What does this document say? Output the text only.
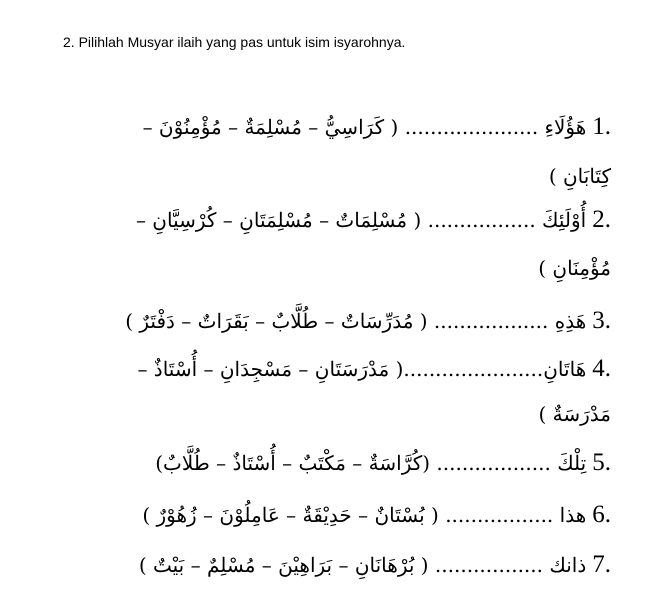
2. Pilihlah Musyar ilaih yang pas untuk isim isyarohnya.
1.
هَؤُلَاءِ ..................... ( كَرَاسِيُّ – مُسْلِمَةٌ – مُؤْمِنُوْنَ –
كِتَابَانِ )
2.
أُوْلَئِكَ ................. ( مُسْلِمَاتٌ – مُسْلِمَتَانِ – كُرْسِيَّانِ –
مُؤْمِنَانِ )
3.
هَذِهِ .................. ( مُدَرِّسَاتٌ – طُلَّابٌ – بَقَرَاتٌ – دَفْتَرٌ )
4.
هَاتَانِ......................( مَدْرَسَتَانِ – مَسْجِدَانِ – أُسْتَاذٌ –
مَدْرَسَةٌ )
5.
تِلْكَ .................. (كُرَّاسَةٌ – مَكْتَبٌ – أُسْتَاذٌ – طُلَّابٌ)
6.
هذا ................. ( بُسْتَانٌ – حَدِيْقَةٌ – عَامِلُوْنَ – زُهُوْرٌ )
7.
ذانك ................. ( بُرْهَانَانِ – بَرَاهِيْنَ – مُسْلِمٌ – بَيْتٌ )
